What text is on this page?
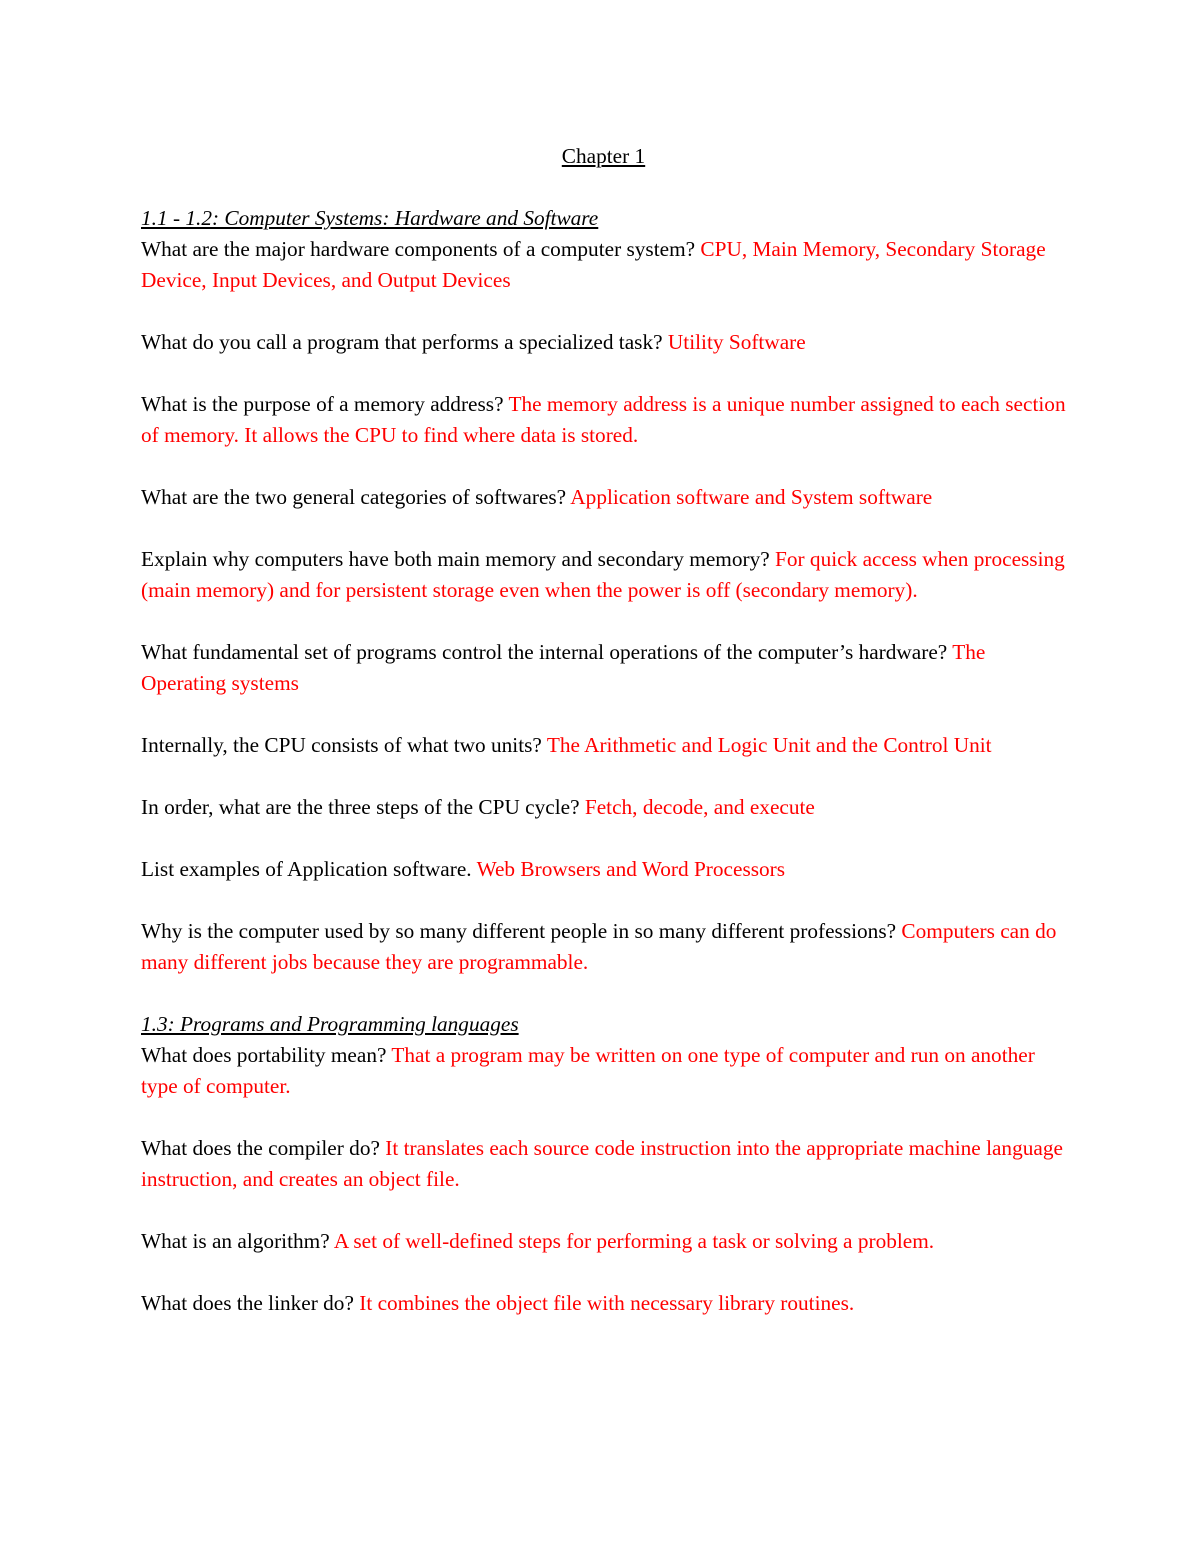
Chapter 1

1.1 - 1.2: Computer Systems: Hardware and Software

What are the major hardware components of a computer system? CPU, Main Memory, Secondary Storage Device, Input Devices, and Output Devices

What do you call a program that performs a specialized task? Utility Software

What is the purpose of a memory address? The memory address is a unique number assigned to each section of memory. It allows the CPU to find where data is stored.

What are the two general categories of softwares? Application software and System software

Explain why computers have both main memory and secondary memory? For quick access when processing (main memory) and for persistent storage even when the power is off (secondary memory).

What fundamental set of programs control the internal operations of the computer’s hardware? The Operating systems

Internally, the CPU consists of what two units? The Arithmetic and Logic Unit and the Control Unit

In order, what are the three steps of the CPU cycle? Fetch, decode, and execute

List examples of Application software. Web Browsers and Word Processors

Why is the computer used by so many different people in so many different professions? Computers can do many different jobs because they are programmable.

1.3: Programs and Programming languages

What does portability mean? That a program may be written on one type of computer and run on another type of computer.

What does the compiler do? It translates each source code instruction into the appropriate machine language instruction, and creates an object file.

What is an algorithm? A set of well-defined steps for performing a task or solving a problem.

What does the linker do? It combines the object file with necessary library routines.
